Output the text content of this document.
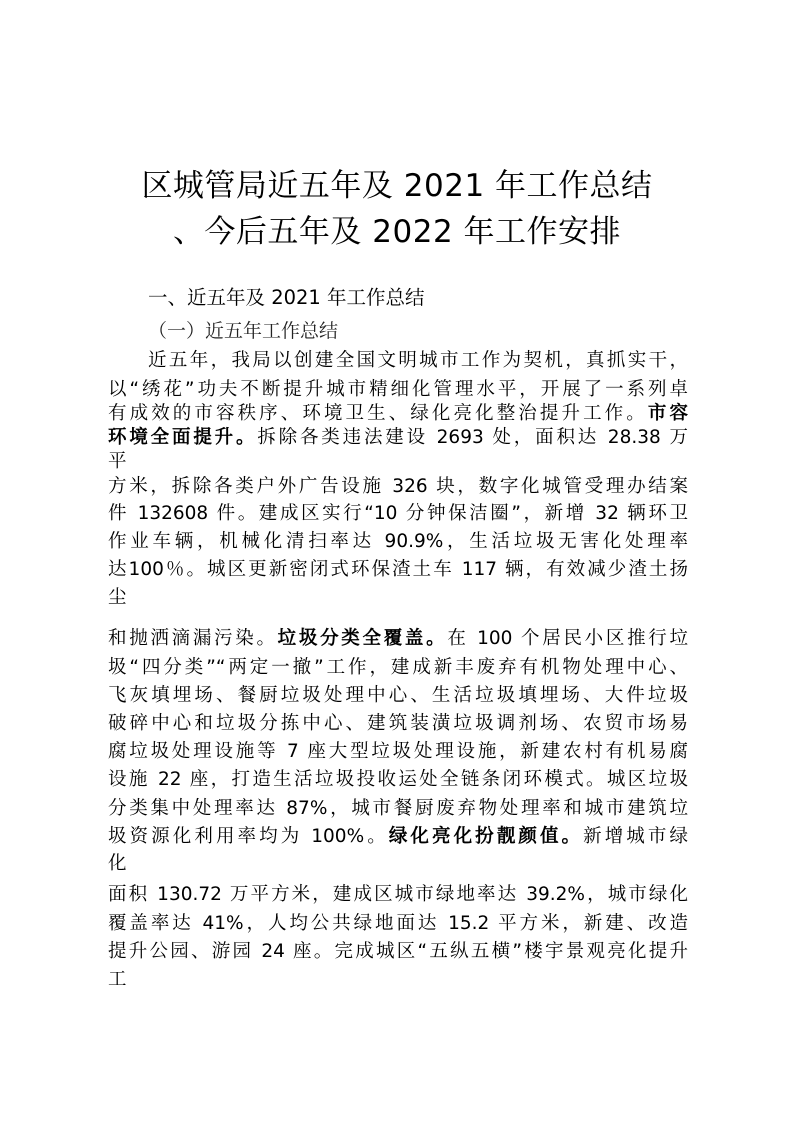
区城管局近五年及 2021 年工作总结
、今后五年及 2022 年工作安排
一、近五年及 2021 年工作总结
（一）近五年工作总结
近五年，我局以创建全国文明城市工作为契机，真抓实干，
以“绣花”功夫不断提升城市精细化管理水平，开展了一系列卓
有成效的市容秩序、环境卫生、绿化亮化整治提升工作。市容
环境全面提升。拆除各类违法建设 2693 处，面积达 28.38 万
平
方米，拆除各类户外广告设施 326 块，数字化城管受理办结案
件 132608 件。建成区实行“10 分钟保洁圈”，新增 32 辆环卫
作业车辆，机械化清扫率达 90.9%，生活垃圾无害化处理率
达100％。城区更新密闭式环保渣土车 117 辆，有效减少渣土扬
尘
和抛洒滴漏污染。垃圾分类全覆盖。在 100 个居民小区推行垃
圾“四分类”“两定一撤”工作，建成新丰废弃有机物处理中心、
飞灰填埋场、餐厨垃圾处理中心、生活垃圾填埋场、大件垃圾
破碎中心和垃圾分拣中心、建筑装潢垃圾调剂场、农贸市场易
腐垃圾处理设施等 7 座大型垃圾处理设施，新建农村有机易腐
设施 22 座，打造生活垃圾投收运处全链条闭环模式。城区垃圾
分类集中处理率达 87%，城市餐厨废弃物处理率和城市建筑垃
圾资源化利用率均为 100%。绿化亮化扮靓颜值。新增城市绿
化
面积 130.72 万平方米，建成区城市绿地率达 39.2%，城市绿化
覆盖率达 41%，人均公共绿地面达 15.2 平方米，新建、改造
提升公园、游园 24 座。完成城区“五纵五横”楼宇景观亮化提升
工
